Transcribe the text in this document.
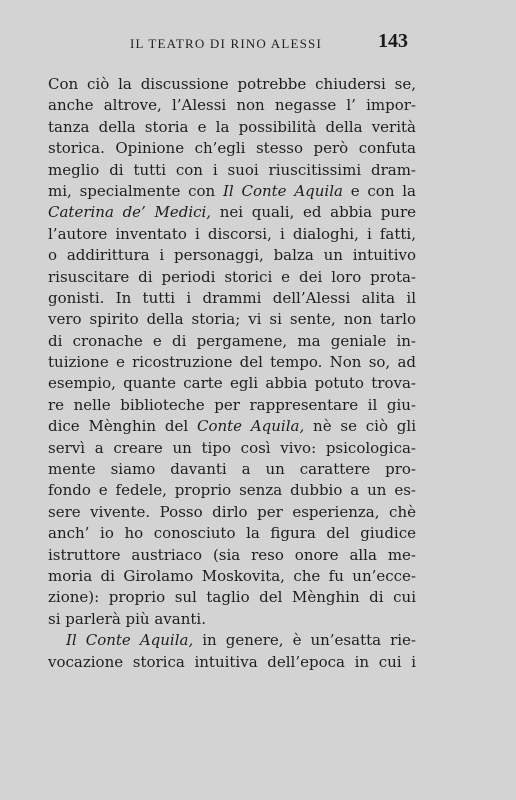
IL TEATRO DI RINO ALESSI	143
Con ciò la discussione potrebbe chiudersi se,
anche altrove, l’Alessi non negasse l’ impor-
tanza della storia e la possibilità della verità
storica. Opinione ch’egli stesso però confuta
meglio di tutti con i suoi riuscitissimi dram-
mi, specialmente con Il Conte Aquila e con la
Caterina de’ Medici, nei quali, ed abbia pure
l’autore inventato i discorsi, i dialoghi, i fatti,
o addirittura i personaggi, balza un intuitivo
risuscitare di periodi storici e dei loro prota-
gonisti. In tutti i drammi dell’Alessi alita il
vero spirito della storia; vi si sente, non tarlo
di cronache e di pergamene, ma geniale in-
tuizione e ricostruzione del tempo. Non so, ad
esempio, quante carte egli abbia potuto trova-
re nelle biblioteche per rappresentare il giu-
dice Mènghin del Conte Aquila, nè se ciò gli
servì a creare un tipo così vivo: psicologica-
mente siamo davanti a un carattere pro-
fondo e fedele, proprio senza dubbio a un es-
sere vivente. Posso dirlo per esperienza, chè
anch’ io ho conosciuto la figura del giudice
istruttore austriaco (sia reso onore alla me-
moria di Girolamo Moskovita, che fu un’ecce-
zione): proprio sul taglio del Mènghin di cui
si parlerà più avanti.
Il Conte Aquila, in genere, è un’esatta rie-
vocazione storica intuitiva dell’epoca in cui i
